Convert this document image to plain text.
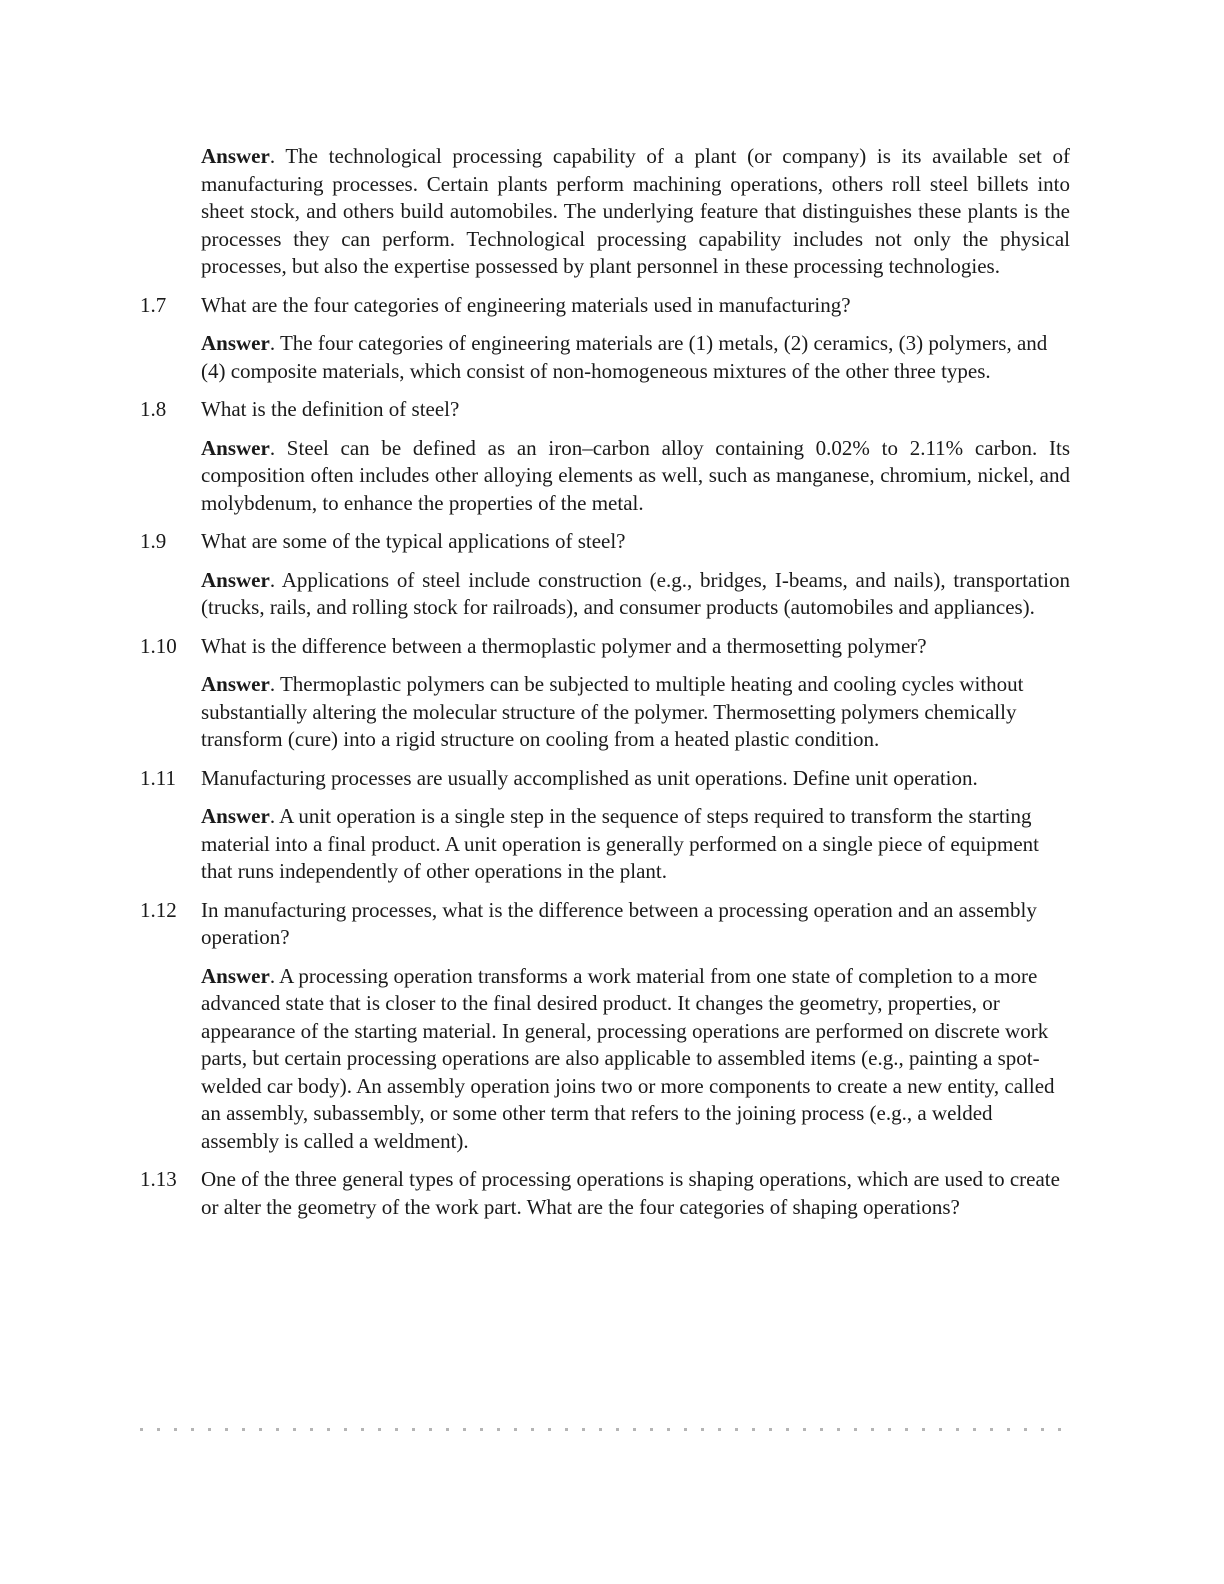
Answer. The technological processing capability of a plant (or company) is its available set of manufacturing processes. Certain plants perform machining operations, others roll steel billets into sheet stock, and others build automobiles. The underlying feature that distinguishes these plants is the processes they can perform. Technological processing capability includes not only the physical processes, but also the expertise possessed by plant personnel in these processing technologies.
1.7 What are the four categories of engineering materials used in manufacturing?
Answer. The four categories of engineering materials are (1) metals, (2) ceramics, (3) polymers, and (4) composite materials, which consist of non-homogeneous mixtures of the other three types.
1.8 What is the definition of steel?
Answer. Steel can be defined as an iron–carbon alloy containing 0.02% to 2.11% carbon. Its composition often includes other alloying elements as well, such as manganese, chromium, nickel, and molybdenum, to enhance the properties of the metal.
1.9 What are some of the typical applications of steel?
Answer. Applications of steel include construction (e.g., bridges, I-beams, and nails), transportation (trucks, rails, and rolling stock for railroads), and consumer products (automobiles and appliances).
1.10 What is the difference between a thermoplastic polymer and a thermosetting polymer?
Answer. Thermoplastic polymers can be subjected to multiple heating and cooling cycles without substantially altering the molecular structure of the polymer. Thermosetting polymers chemically transform (cure) into a rigid structure on cooling from a heated plastic condition.
1.11 Manufacturing processes are usually accomplished as unit operations. Define unit operation.
Answer. A unit operation is a single step in the sequence of steps required to transform the starting material into a final product. A unit operation is generally performed on a single piece of equipment that runs independently of other operations in the plant.
1.12 In manufacturing processes, what is the difference between a processing operation and an assembly operation?
Answer. A processing operation transforms a work material from one state of completion to a more advanced state that is closer to the final desired product. It changes the geometry, properties, or appearance of the starting material. In general, processing operations are performed on discrete work parts, but certain processing operations are also applicable to assembled items (e.g., painting a spot-welded car body). An assembly operation joins two or more components to create a new entity, called an assembly, subassembly, or some other term that refers to the joining process (e.g., a welded assembly is called a weldment).
1.13 One of the three general types of processing operations is shaping operations, which are used to create or alter the geometry of the work part. What are the four categories of shaping operations?
